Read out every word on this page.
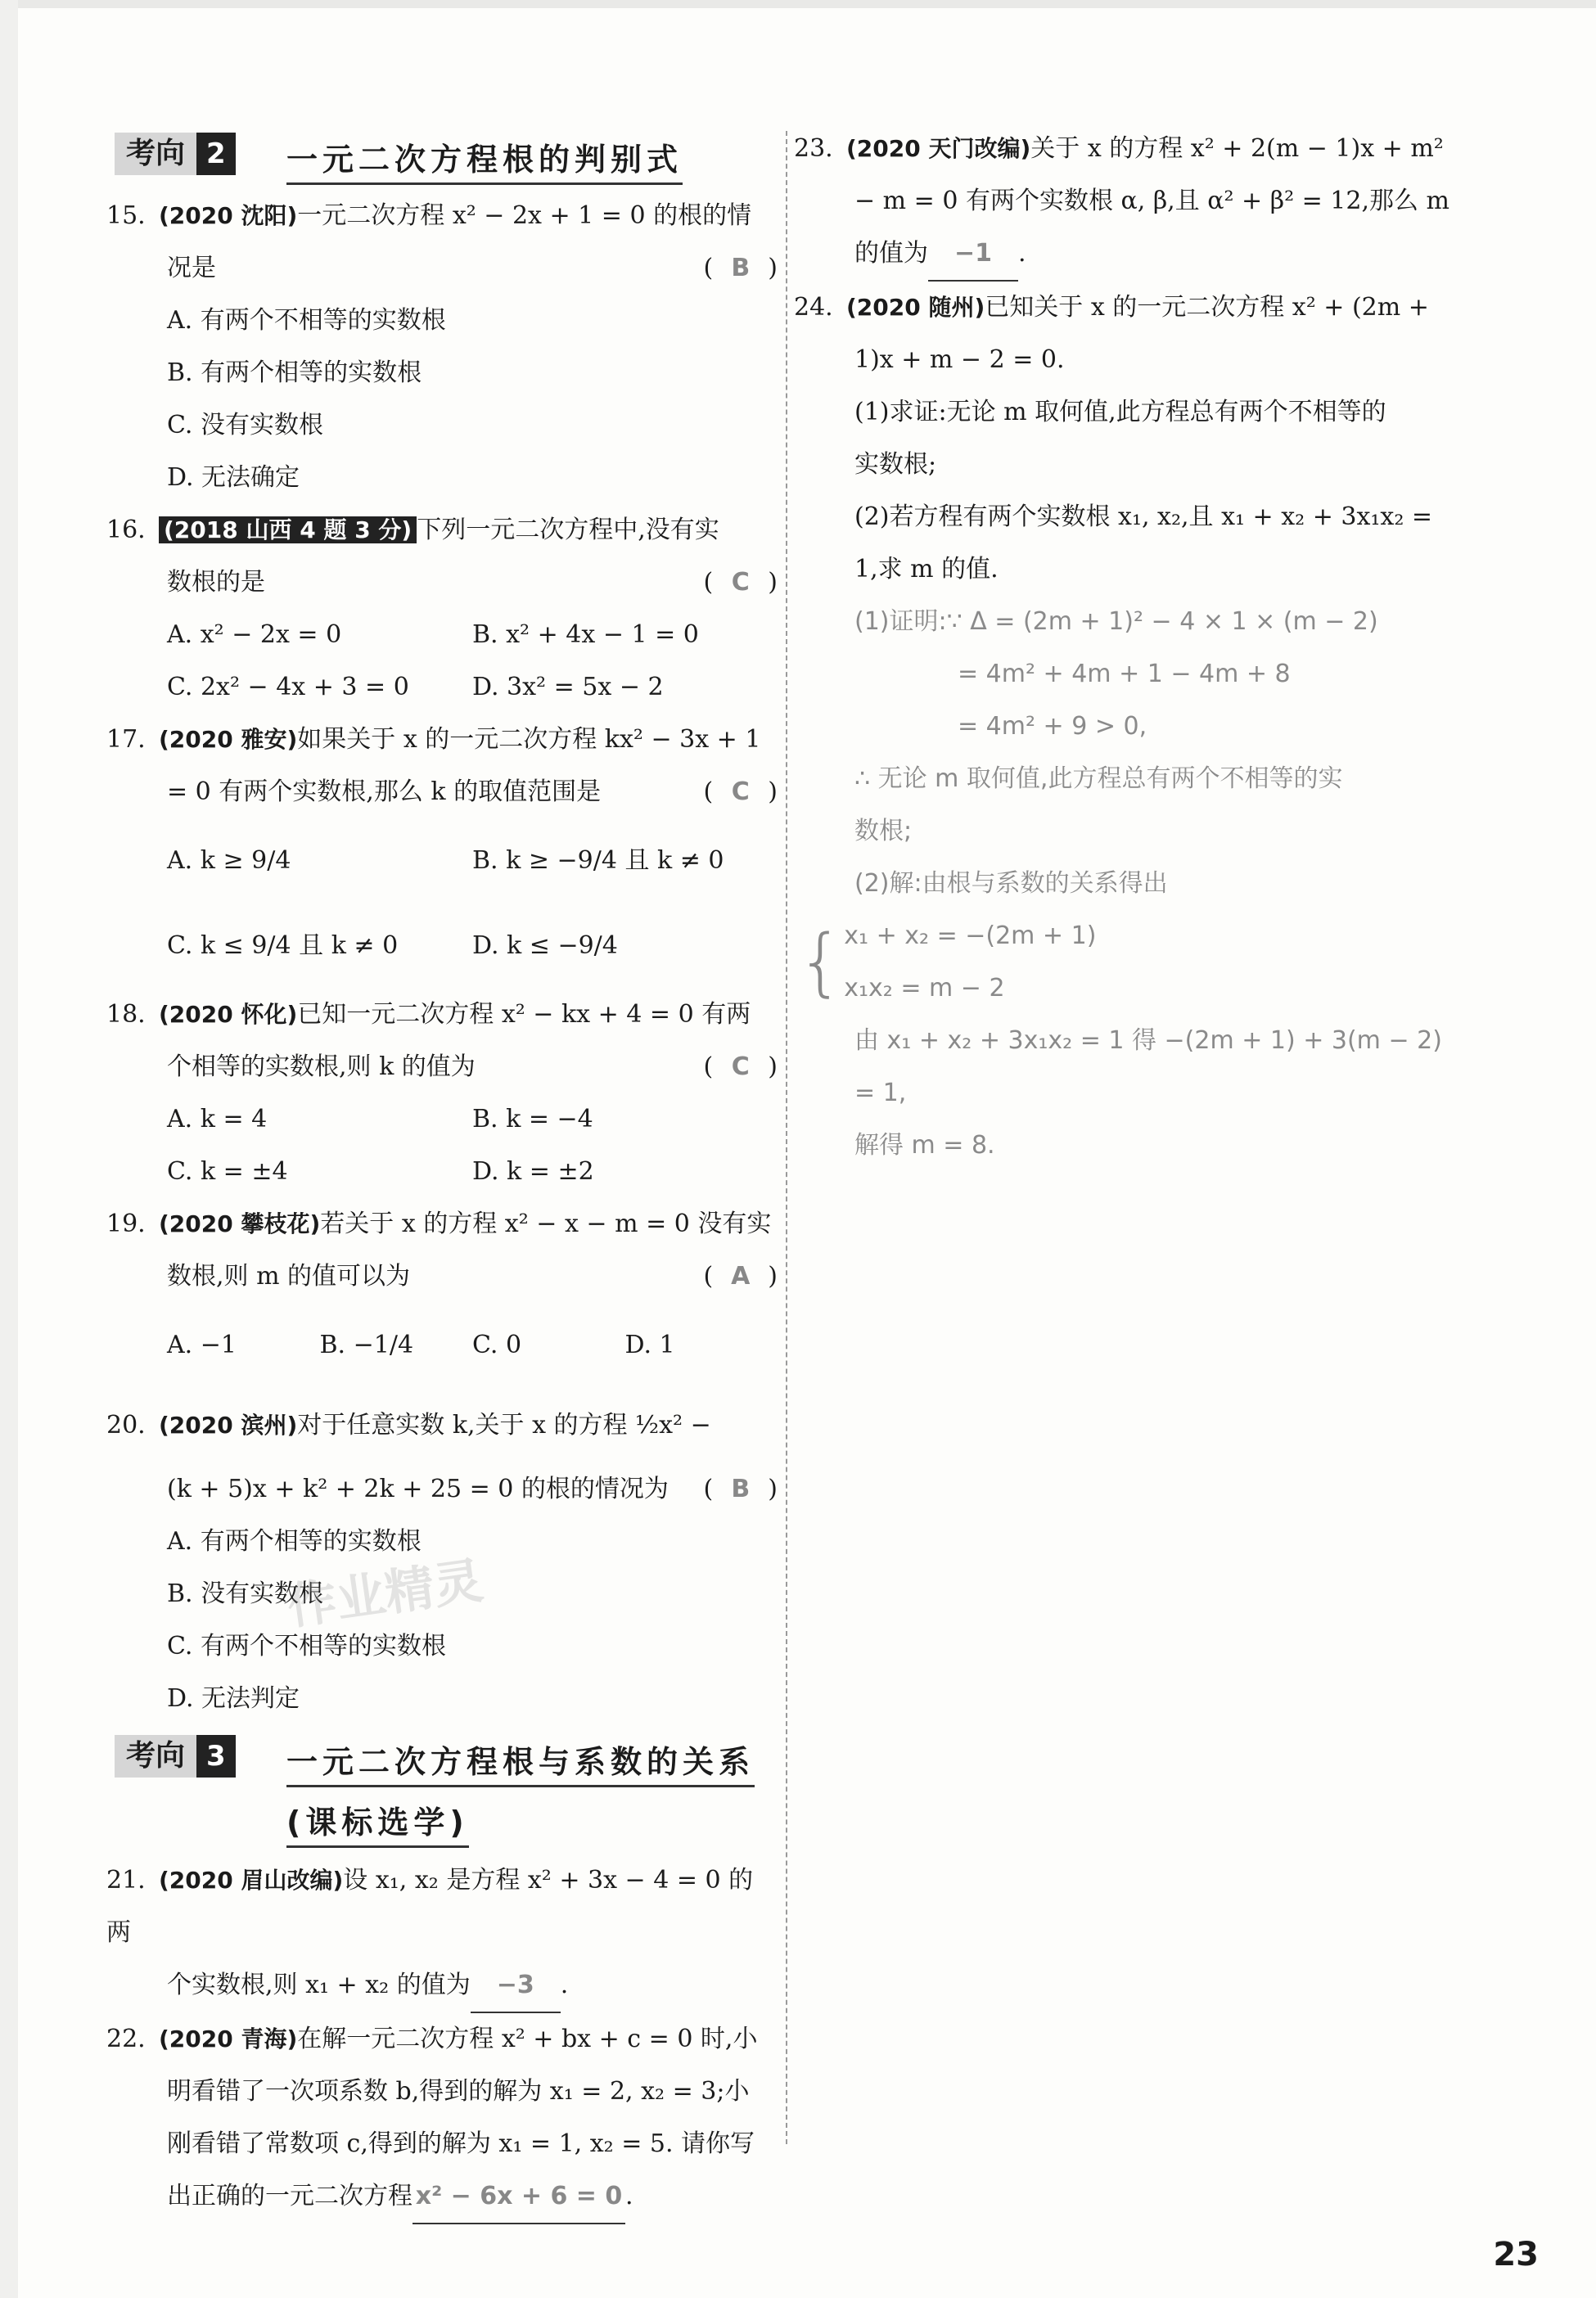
考向 2	一元二次方程根的判别式
15. (2020 沈阳)一元二次方程 x² − 2x + 1 = 0 的根的情
况是	( B )
A. 有两个不相等的实数根
B. 有两个相等的实数根
C. 没有实数根
D. 无法确定
16. (2018 山西 4 题 3 分) 下列一元二次方程中,没有实
数根的是	( C )
A. x² − 2x = 0	B. x² + 4x − 1 = 0
C. 2x² − 4x + 3 = 0	D. 3x² = 5x − 2
17. (2020 雅安)如果关于 x 的一元二次方程 kx² − 3x + 1
= 0 有两个实数根,那么 k 的取值范围是	( C )
A. k ≥ 9/4	B. k ≥ −9/4 且 k ≠ 0
C. k ≤ 9/4 且 k ≠ 0	D. k ≤ −9/4
18. (2020 怀化)已知一元二次方程 x² − kx + 4 = 0 有两
个相等的实数根,则 k 的值为	( C )
A. k = 4	B. k = −4
C. k = ±4	D. k = ±2
19. (2020 攀枝花)若关于 x 的方程 x² − x − m = 0 没有实
数根,则 m 的值可以为	( A )
A. −1	B. −1/4	C. 0	D. 1
20. (2020 滨州)对于任意实数 k,关于 x 的方程 ½x² −
(k + 5)x + k² + 2k + 25 = 0 的根的情况为 ( B )
A. 有两个相等的实数根
B. 没有实数根
C. 有两个不相等的实数根
D. 无法判定
考向 3	一元二次方程根与系数的关系
(课标选学)
21. (2020 眉山改编)设 x₁, x₂ 是方程 x² + 3x − 4 = 0 的两
个实数根,则 x₁ + x₂ 的值为 −3 .
22. (2020 青海)在解一元二次方程 x² + bx + c = 0 时,小
明看错了一次项系数 b,得到的解为 x₁ = 2, x₂ = 3;小
刚看错了常数项 c,得到的解为 x₁ = 1, x₂ = 5. 请你写
出正确的一元二次方程 x² − 6x + 6 = 0 .
23. (2020 天门改编)关于 x 的方程 x² + 2(m − 1)x + m²
− m = 0 有两个实数根 α, β,且 α² + β² = 12,那么 m
的值为 −1 .
24. (2020 随州)已知关于 x 的一元二次方程 x² + (2m +
1)x + m − 2 = 0.
(1)求证:无论 m 取何值,此方程总有两个不相等的
实数根;
(2)若方程有两个实数根 x₁, x₂,且 x₁ + x₂ + 3x₁x₂ =
1,求 m 的值.
(1)证明:∵ Δ = (2m + 1)² − 4 × 1 × (m − 2)
= 4m² + 4m + 1 − 4m + 8
= 4m² + 9 > 0,
∴ 无论 m 取何值,此方程总有两个不相等的实
数根;
(2)解:由根与系数的关系得出
{ x₁ + x₂ = −(2m + 1)
x₁x₂ = m − 2
由 x₁ + x₂ + 3x₁x₂ = 1 得 −(2m + 1) + 3(m − 2) = 1,
解得 m = 8.
作业精灵
23
